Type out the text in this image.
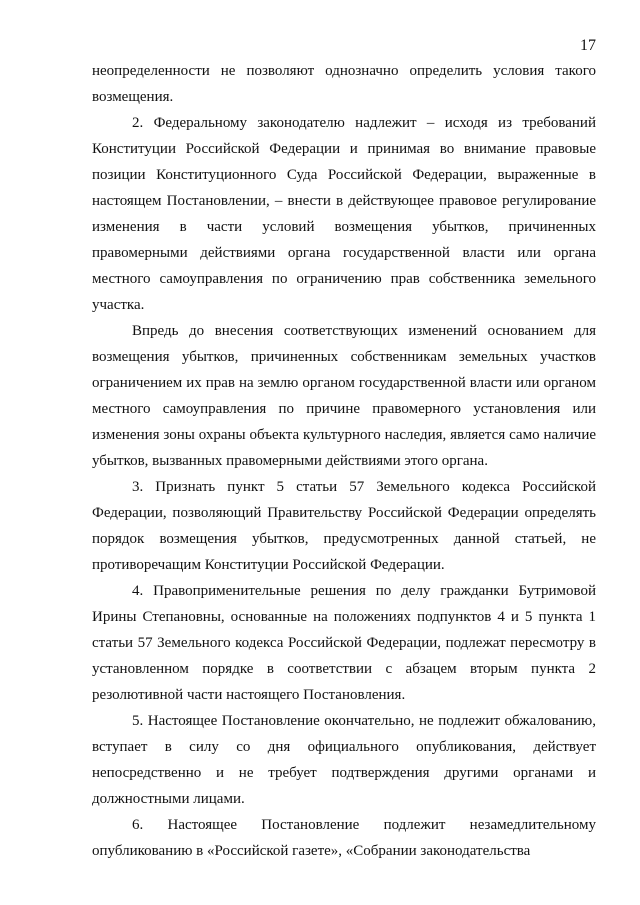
17

неопределенности не позволяют однозначно определить условия такого возмещения.

2. Федеральному законодателю надлежит – исходя из требований Конституции Российской Федерации и принимая во внимание правовые позиции Конституционного Суда Российской Федерации, выраженные в настоящем Постановлении, – внести в действующее правовое регулирование изменения в части условий возмещения убытков, причиненных правомерными действиями органа государственной власти или органа местного самоуправления по ограничению прав собственника земельного участка.

Впредь до внесения соответствующих изменений основанием для возмещения убытков, причиненных собственникам земельных участков ограничением их прав на землю органом государственной власти или органом местного самоуправления по причине правомерного установления или изменения зоны охраны объекта культурного наследия, является само наличие убытков, вызванных правомерными действиями этого органа.

3. Признать пункт 5 статьи 57 Земельного кодекса Российской Федерации, позволяющий Правительству Российской Федерации определять порядок возмещения убытков, предусмотренных данной статьей, не противоречащим Конституции Российской Федерации.

4. Правоприменительные решения по делу гражданки Бутримовой Ирины Степановны, основанные на положениях подпунктов 4 и 5 пункта 1 статьи 57 Земельного кодекса Российской Федерации, подлежат пересмотру в установленном порядке в соответствии с абзацем вторым пункта 2 резолютивной части настоящего Постановления.

5. Настоящее Постановление окончательно, не подлежит обжалованию, вступает в силу со дня официального опубликования, действует непосредственно и не требует подтверждения другими органами и должностными лицами.

6. Настоящее Постановление подлежит незамедлительному опубликованию в «Российской газете», «Собрании законодательства
